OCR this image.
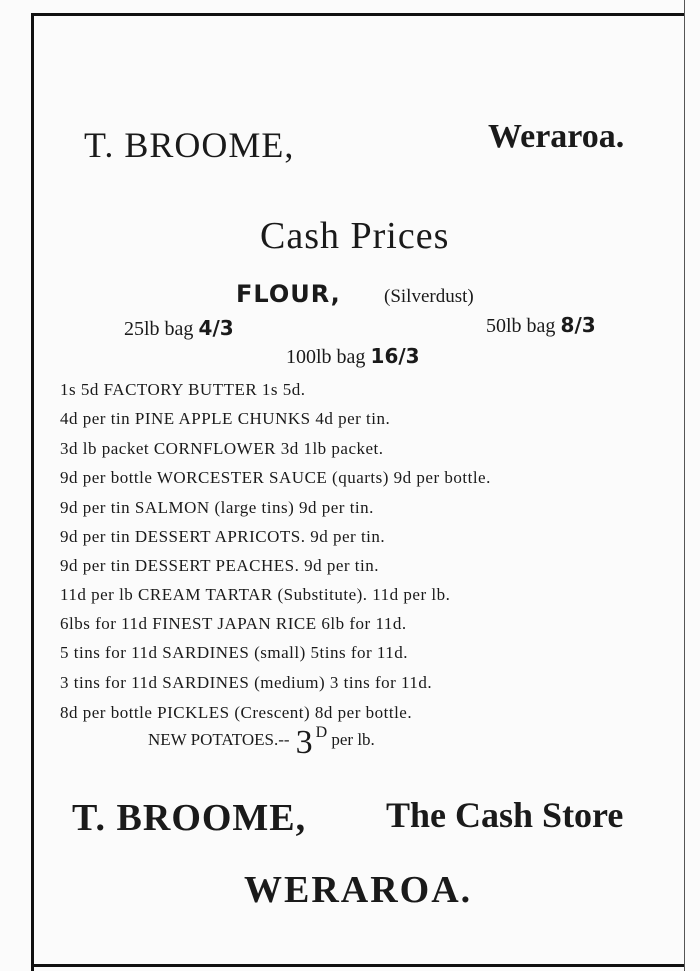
T. BROOME,	Weraroa.
Cash Prices
FLOUR, (Silverdust)
25lb bag 4/3	50lb bag 8/3
100lb bag 16/3
1s 5d FACTORY BUTTER 1s 5d.
4d per tin PINE APPLE CHUNKS 4d per tin.
3d lb packet CORNFLOWER 3d 1lb packet.
9d per bottle WORCESTER SAUCE (quarts) 9d per bottle.
9d per tin SALMON (large tins) 9d per tin.
9d per tin DESSERT APRICOTS. 9d per tin.
9d per tin DESSERT PEACHES. 9d per tin.
11d per lb CREAM TARTAR (Substitute). 11d per lb.
6lbs for 11d FINEST JAPAN RICE 6lb for 11d.
5 tins for 11d SARDINES (small) 5tins for 11d.
3 tins for 11d SARDINES (medium) 3 tins for 11d.
8d per bottle PICKLES (Crescent) 8d per bottle.
NEW POTATOES.-- 3 D per lb.
T. BROOME, The Cash Store
WERAROA.
